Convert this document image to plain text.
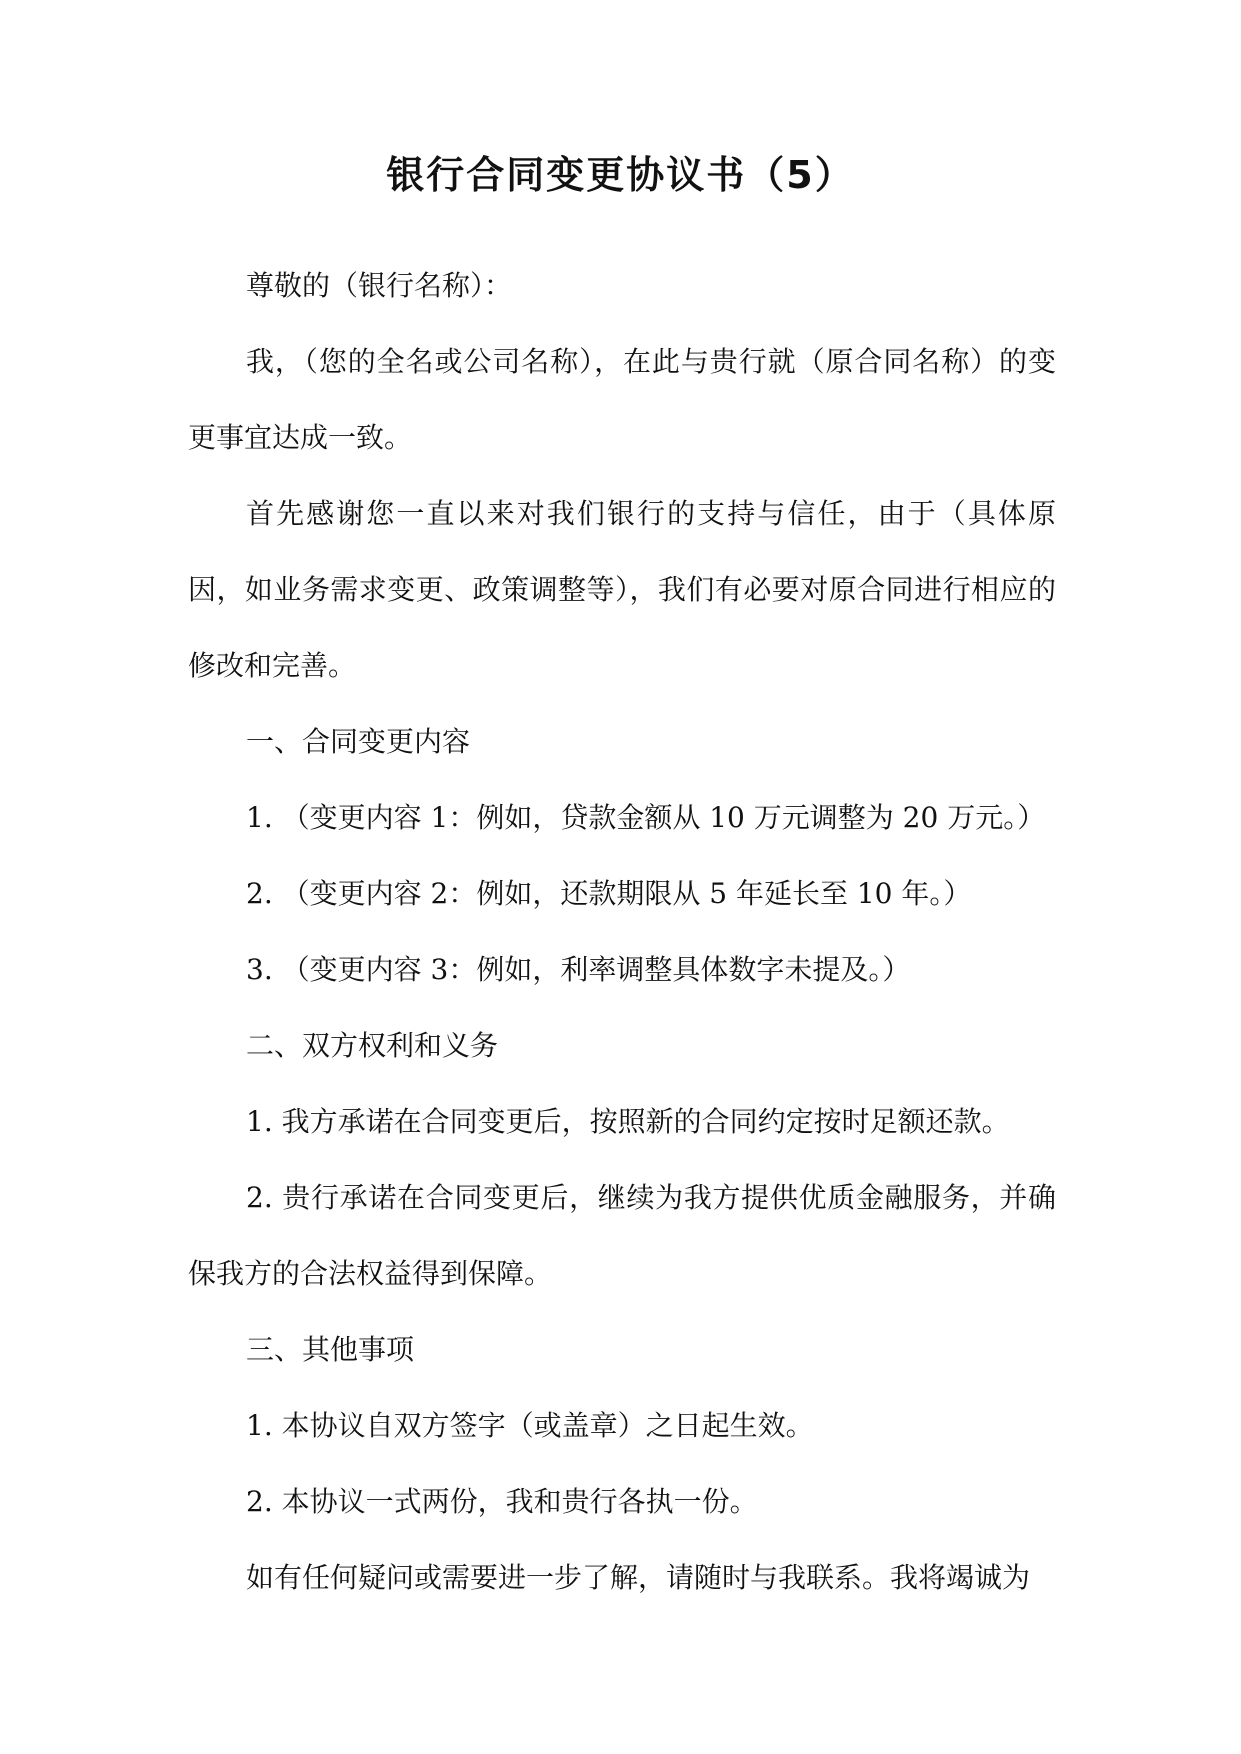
银行合同变更协议书（5）

尊敬的（银行名称）：

我，（您的全名或公司名称），在此与贵行就（原合同名称）的变更事宜达成一致。

首先感谢您一直以来对我们银行的支持与信任，由于（具体原因，如业务需求变更、政策调整等），我们有必要对原合同进行相应的修改和完善。

一、合同变更内容

1. （变更内容 1：例如，贷款金额从 10 万元调整为 20 万元。）

2. （变更内容 2：例如，还款期限从 5 年延长至 10 年。）

3. （变更内容 3：例如，利率调整具体数字未提及。）

二、双方权利和义务

1. 我方承诺在合同变更后，按照新的合同约定按时足额还款。

2. 贵行承诺在合同变更后，继续为我方提供优质金融服务，并确保我方的合法权益得到保障。

三、其他事项

1. 本协议自双方签字（或盖章）之日起生效。

2. 本协议一式两份，我和贵行各执一份。

如有任何疑问或需要进一步了解，请随时与我联系。我将竭诚为
